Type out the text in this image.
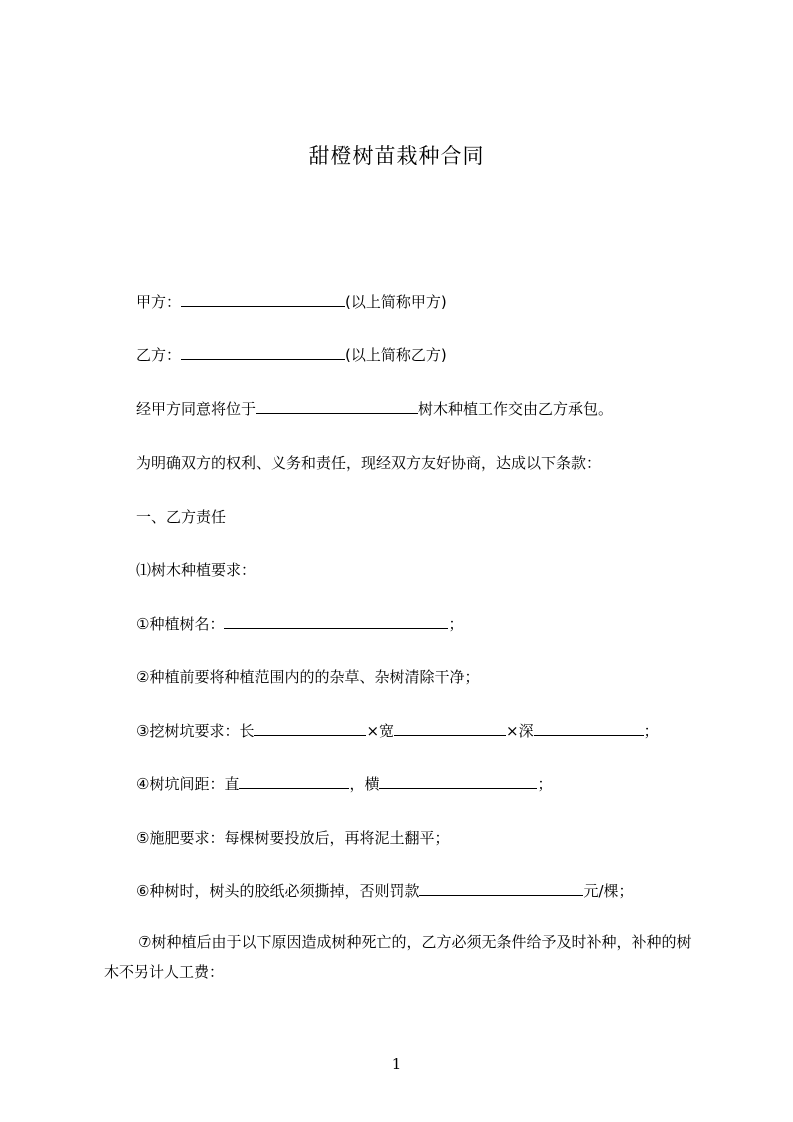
甜橙树苗栽种合同
甲方：	(以上简称甲方)
乙方：	(以上简称乙方)
经甲方同意将位于	树木种植工作交由乙方承包。
为明确双方的权利、义务和责任，现经双方友好协商，达成以下条款：
一、乙方责任
⑴树木种植要求：
①种植树名：	；
②种植前要将种植范围内的的杂草、杂树清除干净；
③挖树坑要求：长	×宽	×深	；
④树坑间距：直	，横	；
⑤施肥要求：每棵树要投放后，再将泥土翻平；
⑥种树时，树头的胶纸必须撕掉，否则罚款	元/棵；
⑦树种植后由于以下原因造成树种死亡的，乙方必须无条件给予及时补种，补种的树木不另计人工费：
1
